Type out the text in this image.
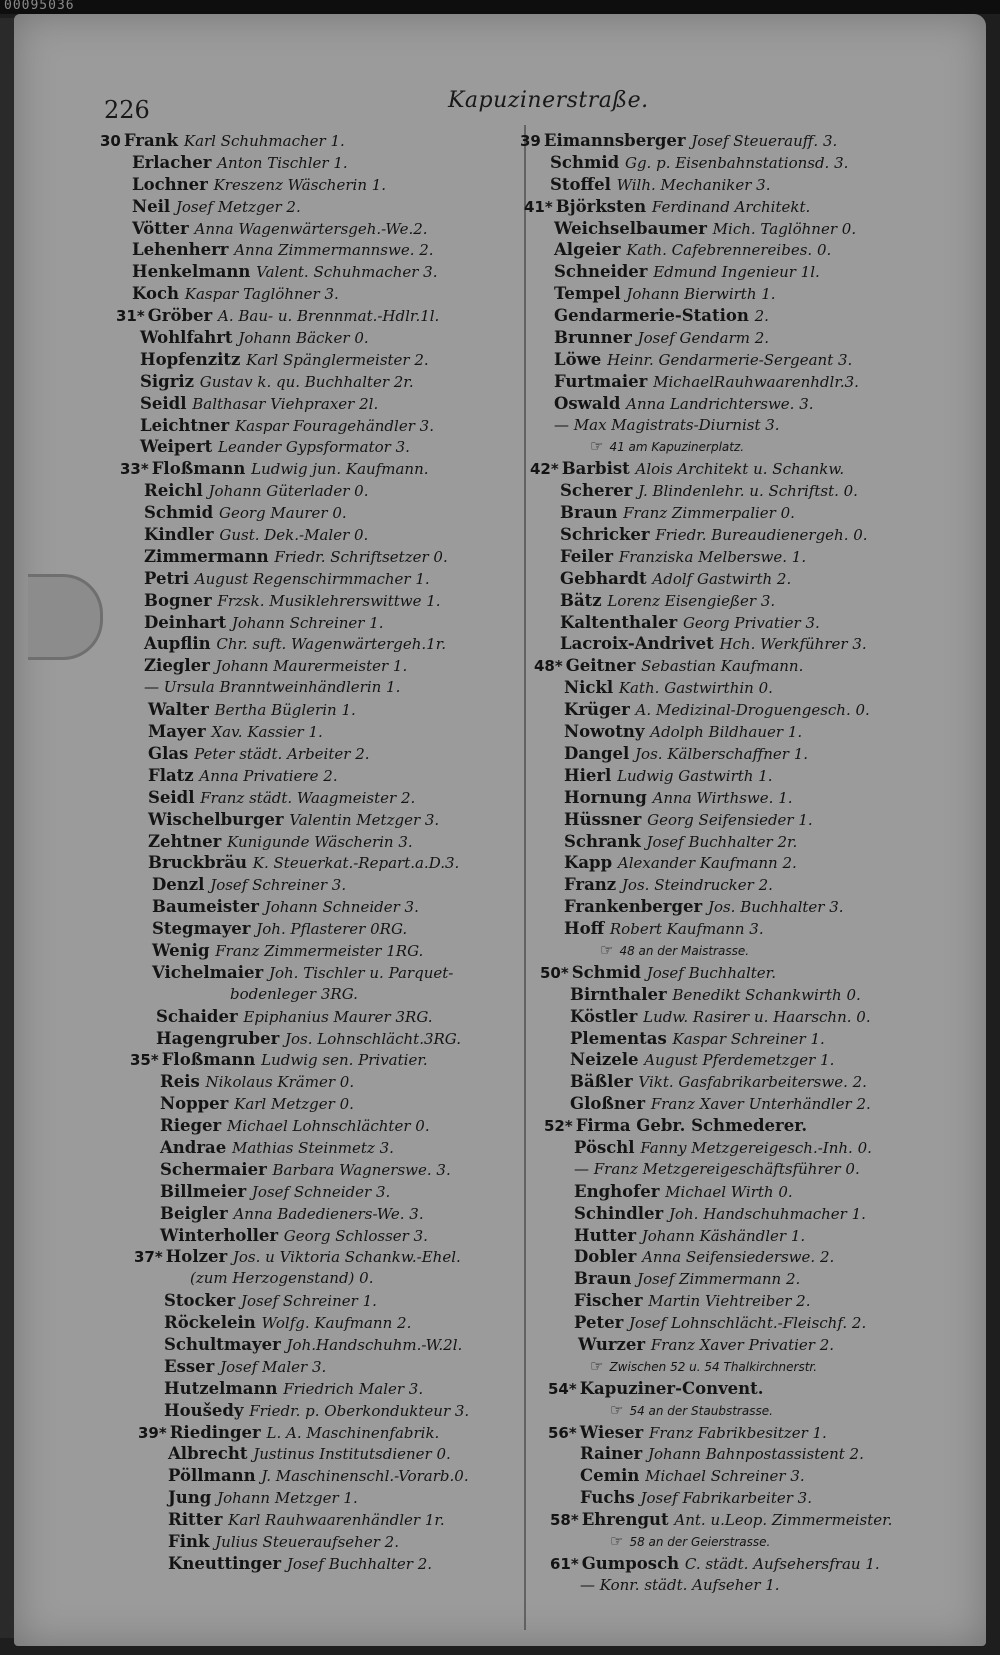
00095036
226	Kapuzinerstraße.
30 Frank Karl Schuhmacher 1.
Erlacher Anton Tischler 1.
Lochner Kreszenz Wäscherin 1.
Neil Josef Metzger 2.
Vötter Anna Wagenwärtersgeh.-We.2.
Lehenherr Anna Zimmermannswe. 2.
Henkelmann Valent. Schuhmacher 3.
Koch Kaspar Taglöhner 3.
31* Gröber A. Bau- u. Brennmat.-Hdlr.1l.
Wohlfahrt Johann Bäcker 0.
Hopfenzitz Karl Spänglermeister 2.
Sigriz Gustav k. qu. Buchhalter 2r.
Seidl Balthasar Viehpraxer 2l.
Leichtner Kaspar Fouragehändler 3.
Weipert Leander Gypsformator 3.
33* Floßmann Ludwig jun. Kaufmann.
Reichl Johann Güterlader 0.
Schmid Georg Maurer 0.
Kindler Gust. Dek.-Maler 0.
Zimmermann Friedr. Schriftsetzer 0.
Petri August Regenschirmmacher 1.
Bogner Frzsk. Musiklehrerswittwe 1.
Deinhart Johann Schreiner 1.
Aupflin Chr. suft. Wagenwärtergeh.1r.
Ziegler Johann Maurermeister 1.
— Ursula Branntweinhändlerin 1.
Walter Bertha Büglerin 1.
Mayer Xav. Kassier 1.
Glas Peter städt. Arbeiter 2.
Flatz Anna Privatiere 2.
Seidl Franz städt. Waagmeister 2.
Wischelburger Valentin Metzger 3.
Zehtner Kunigunde Wäscherin 3.
Bruckbräu K. Steuerkat.-Repart.a.D.3.
Denzl Josef Schreiner 3.
Baumeister Johann Schneider 3.
Stegmayer Joh. Pflasterer 0RG.
Wenig Franz Zimmermeister 1RG.
Vichelmaier Joh. Tischler u. Parquet-
bodenleger 3RG.
Schaider Epiphanius Maurer 3RG.
Hagengruber Jos. Lohnschlächt.3RG.
35* Floßmann Ludwig sen. Privatier.
Reis Nikolaus Krämer 0.
Nopper Karl Metzger 0.
Rieger Michael Lohnschlächter 0.
Andrae Mathias Steinmetz 3.
Schermaier Barbara Wagnerswe. 3.
Billmeier Josef Schneider 3.
Beigler Anna Badedieners-We. 3.
Winterholler Georg Schlosser 3.
37* Holzer Jos. u Viktoria Schankw.-Ehel.
(zum Herzogenstand) 0.
Stocker Josef Schreiner 1.
Röckelein Wolfg. Kaufmann 2.
Schultmayer Joh.Handschuhm.-W.2l.
Esser Josef Maler 3.
Hutzelmann Friedrich Maler 3.
Houšedy Friedr. p. Oberkondukteur 3.
39* Riedinger L. A. Maschinenfabrik.
Albrecht Justinus Institutsdiener 0.
Pöllmann J. Maschinenschl.-Vorarb.0.
Jung Johann Metzger 1.
Ritter Karl Rauhwaarenhändler 1r.
Fink Julius Steueraufseher 2.
Kneuttinger Josef Buchhalter 2.
39 Eimannsberger Josef Steuerauff. 3.
Schmid Gg. p. Eisenbahnstationsd. 3.
Stoffel Wilh. Mechaniker 3.
41* Björksten Ferdinand Architekt.
Weichselbaumer Mich. Taglöhner 0.
Algeier Kath. Cafebrennereibes. 0.
Schneider Edmund Ingenieur 1l.
Tempel Johann Bierwirth 1.
Gendarmerie-Station 2.
Brunner Josef Gendarm 2.
Löwe Heinr. Gendarmerie-Sergeant 3.
Furtmaier MichaelRauhwaarenhdlr.3.
Oswald Anna Landrichterswe. 3.
— Max Magistrats-Diurnist 3.
☞ 41 am Kapuzinerplatz.
42* Barbist Alois Architekt u. Schankw.
Scherer J. Blindenlehr. u. Schriftst. 0.
Braun Franz Zimmerpalier 0.
Schricker Friedr. Bureaudienergeh. 0.
Feiler Franziska Melberswe. 1.
Gebhardt Adolf Gastwirth 2.
Bätz Lorenz Eisengießer 3.
Kaltenthaler Georg Privatier 3.
Lacroix-Andrivet Hch. Werkführer 3.
48* Geitner Sebastian Kaufmann.
Nickl Kath. Gastwirthin 0.
Krüger A. Medizinal-Droguengesch. 0.
Nowotny Adolph Bildhauer 1.
Dangel Jos. Kälberschaffner 1.
Hierl Ludwig Gastwirth 1.
Hornung Anna Wirthswe. 1.
Hüssner Georg Seifensieder 1.
Schrank Josef Buchhalter 2r.
Kapp Alexander Kaufmann 2.
Franz Jos. Steindrucker 2.
Frankenberger Jos. Buchhalter 3.
Hoff Robert Kaufmann 3.
☞ 48 an der Maistrasse.
50* Schmid Josef Buchhalter.
Birnthaler Benedikt Schankwirth 0.
Köstler Ludw. Rasirer u. Haarschn. 0.
Plementas Kaspar Schreiner 1.
Neizele August Pferdemetzger 1.
Bäßler Vikt. Gasfabrikarbeiterswe. 2.
Gloßner Franz Xaver Unterhändler 2.
52* Firma Gebr. Schmederer.
Pöschl Fanny Metzgereigesch.-Inh. 0.
— Franz Metzgereigeschäftsführer 0.
Enghofer Michael Wirth 0.
Schindler Joh. Handschuhmacher 1.
Hutter Johann Käshändler 1.
Dobler Anna Seifensiederswe. 2.
Braun Josef Zimmermann 2.
Fischer Martin Viehtreiber 2.
Peter Josef Lohnschlächt.-Fleischf. 2.
Wurzer Franz Xaver Privatier 2.
☞ Zwischen 52 u. 54 Thalkirchnerstr.
54* Kapuziner-Convent.
☞ 54 an der Staubstrasse.
56* Wieser Franz Fabrikbesitzer 1.
Rainer Johann Bahnpostassistent 2.
Cemin Michael Schreiner 3.
Fuchs Josef Fabrikarbeiter 3.
58* Ehrengut Ant. u.Leop. Zimmermeister.
☞ 58 an der Geierstrasse.
61* Gumposch C. städt. Aufsehersfrau 1.
— Konr. städt. Aufseher 1.
